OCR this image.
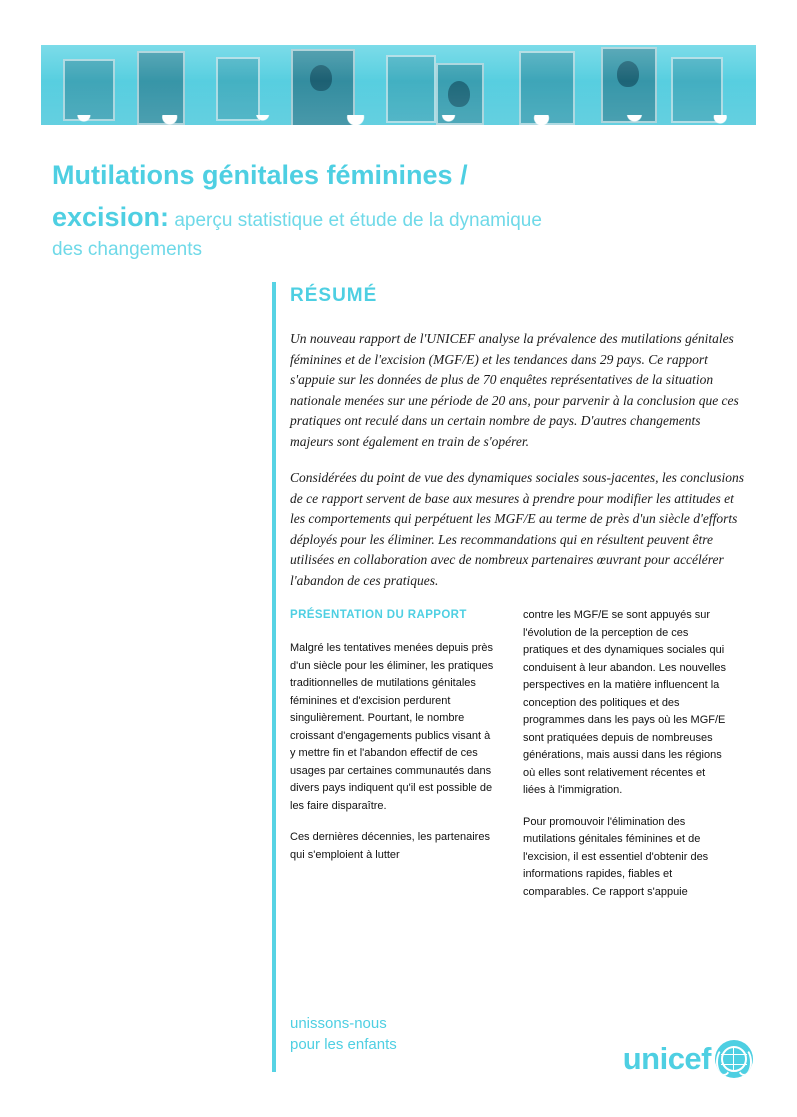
Mutilations génitales féminines /
excision: aperçu statistique et étude de la dynamique
des changements
RÉSUMÉ

Un nouveau rapport de l'UNICEF analyse la prévalence des mutilations génitales féminines et de l'excision (MGF/E) et les tendances dans 29 pays. Ce rapport s'appuie sur les données de plus de 70 enquêtes représentatives de la situation nationale menées sur une période de 20 ans, pour parvenir à la conclusion que ces pratiques ont reculé dans un certain nombre de pays. D'autres changements majeurs sont également en train de s'opérer.

Considérées du point de vue des dynamiques sociales sous-jacentes, les conclusions de ce rapport servent de base aux mesures à prendre pour modifier les attitudes et les comportements qui perpétuent les MGF/E au terme de près d'un siècle d'efforts déployés pour les éliminer. Les recommandations qui en résultent peuvent être utilisées en collaboration avec de nombreux partenaires œuvrant pour accélérer l'abandon de ces pratiques.

PRÉSENTATION DU RAPPORT

Malgré les tentatives menées depuis près d'un siècle pour les éliminer, les pratiques traditionnelles de mutilations génitales féminines et d'excision perdurent singulièrement. Pourtant, le nombre croissant d'engagements publics visant à y mettre fin et l'abandon effectif de ces usages par certaines communautés dans divers pays indiquent qu'il est possible de les faire disparaître.

Ces dernières décennies, les partenaires qui s'emploient à lutter

contre les MGF/E se sont appuyés sur l'évolution de la perception de ces pratiques et des dynamiques sociales qui conduisent à leur abandon. Les nouvelles perspectives en la matière influencent la conception des politiques et des programmes dans les pays où les MGF/E sont pratiquées depuis de nombreuses générations, mais aussi dans les régions où elles sont relativement récentes et liées à l'immigration.

Pour promouvoir l'élimination des mutilations génitales féminines et de l'excision, il est essentiel d'obtenir des informations rapides, fiables et comparables. Ce rapport s'appuie

unissons-nous
pour les enfants	unicef
